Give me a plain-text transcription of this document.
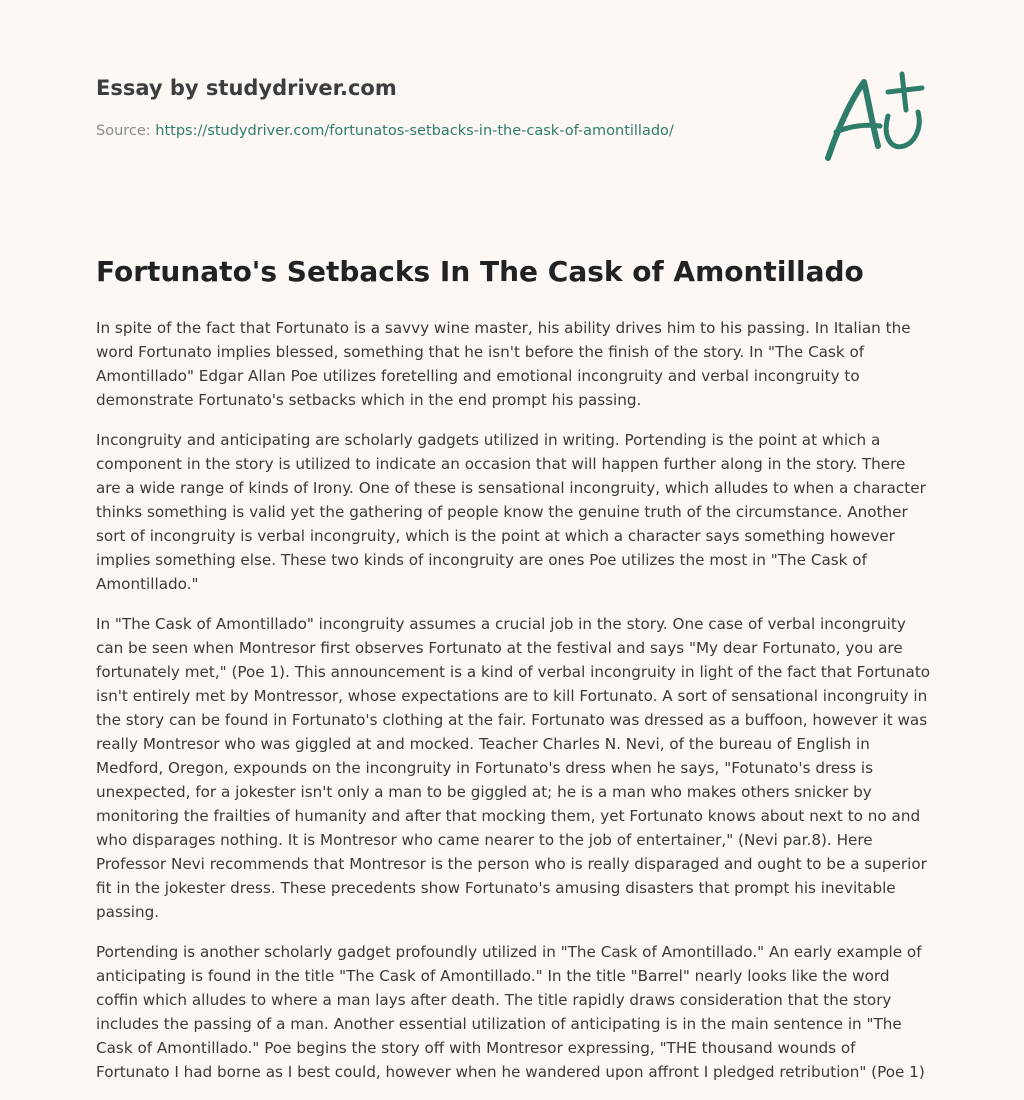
Essay by studydriver.com

Source: https://studydriver.com/fortunatos-setbacks-in-the-cask-of-amontillado/

Fortunato's Setbacks In The Cask of Amontillado

In spite of the fact that Fortunato is a savvy wine master, his ability drives him to his passing. In Italian the word Fortunato implies blessed, something that he isn't before the finish of the story. In "The Cask of Amontillado" Edgar Allan Poe utilizes foretelling and emotional incongruity and verbal incongruity to demonstrate Fortunato's setbacks which in the end prompt his passing.

Incongruity and anticipating are scholarly gadgets utilized in writing. Portending is the point at which a component in the story is utilized to indicate an occasion that will happen further along in the story. There are a wide range of kinds of Irony. One of these is sensational incongruity, which alludes to when a character thinks something is valid yet the gathering of people know the genuine truth of the circumstance. Another sort of incongruity is verbal incongruity, which is the point at which a character says something however implies something else. These two kinds of incongruity are ones Poe utilizes the most in "The Cask of Amontillado."

In "The Cask of Amontillado" incongruity assumes a crucial job in the story. One case of verbal incongruity can be seen when Montresor first observes Fortunato at the festival and says "My dear Fortunato, you are fortunately met," (Poe 1). This announcement is a kind of verbal incongruity in light of the fact that Fortunato isn't entirely met by Montressor, whose expectations are to kill Fortunato. A sort of sensational incongruity in the story can be found in Fortunato's clothing at the fair. Fortunato was dressed as a buffoon, however it was really Montresor who was giggled at and mocked. Teacher Charles N. Nevi, of the bureau of English in Medford, Oregon, expounds on the incongruity in Fortunato's dress when he says, "Fotunato's dress is unexpected, for a jokester isn't only a man to be giggled at; he is a man who makes others snicker by monitoring the frailties of humanity and after that mocking them, yet Fortunato knows about next to no and who disparages nothing. It is Montresor who came nearer to the job of entertainer," (Nevi par.8). Here Professor Nevi recommends that Montresor is the person who is really disparaged and ought to be a superior fit in the jokester dress. These precedents show Fortunato's amusing disasters that prompt his inevitable passing.

Portending is another scholarly gadget profoundly utilized in "The Cask of Amontillado." An early example of anticipating is found in the title "The Cask of Amontillado." In the title "Barrel" nearly looks like the word coffin which alludes to where a man lays after death. The title rapidly draws consideration that the story includes the passing of a man. Another essential utilization of anticipating is in the main sentence in "The Cask of Amontillado." Poe begins the story off with Montresor expressing, "THE thousand wounds of Fortunato I had borne as I best could, however when he wandered upon affront I pledged retribution" (Poe 1)
